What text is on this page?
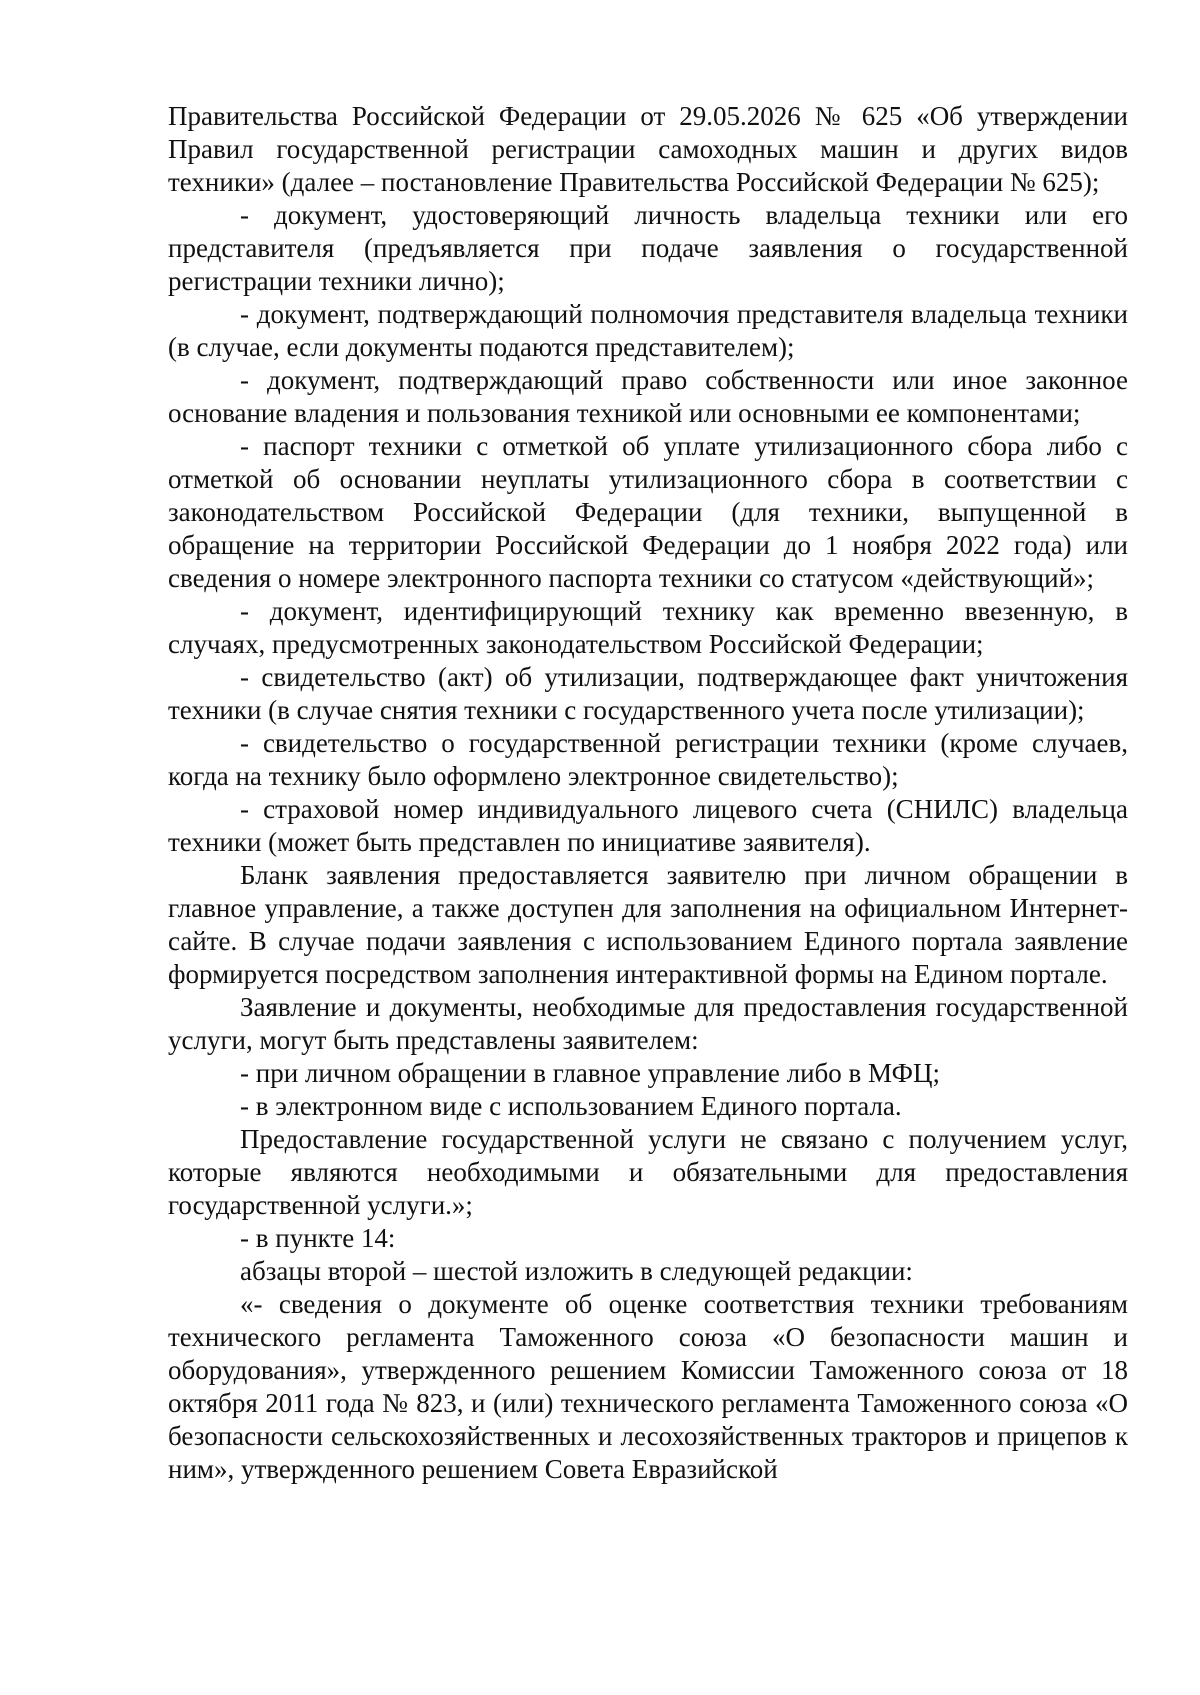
Правительства Российской Федерации от 29.05.2026 № 625 «Об утверждении Правил государственной регистрации самоходных машин и других видов техники» (далее – постановление Правительства Российской Федерации № 625);

- документ, удостоверяющий личность владельца техники или его представителя (предъявляется при подаче заявления о государственной регистрации техники лично);

- документ, подтверждающий полномочия представителя владельца техники (в случае, если документы подаются представителем);

- документ, подтверждающий право собственности или иное законное основание владения и пользования техникой или основными ее компонентами;

- паспорт техники с отметкой об уплате утилизационного сбора либо с отметкой об основании неуплаты утилизационного сбора в соответствии с законодательством Российской Федерации (для техники, выпущенной в обращение на территории Российской Федерации до 1 ноября 2022 года) или сведения о номере электронного паспорта техники со статусом «действующий»;

- документ, идентифицирующий технику как временно ввезенную, в случаях, предусмотренных законодательством Российской Федерации;

- свидетельство (акт) об утилизации, подтверждающее факт уничтожения техники (в случае снятия техники с государственного учета после утилизации);

- свидетельство о государственной регистрации техники (кроме случаев, когда на технику было оформлено электронное свидетельство);

- страховой номер индивидуального лицевого счета (СНИЛС) владельца техники (может быть представлен по инициативе заявителя).

Бланк заявления предоставляется заявителю при личном обращении в главное управление, а также доступен для заполнения на официальном Интернет-сайте. В случае подачи заявления с использованием Единого портала заявление формируется посредством заполнения интерактивной формы на Едином портале.

Заявление и документы, необходимые для предоставления государственной услуги, могут быть представлены заявителем:

- при личном обращении в главное управление либо в МФЦ;

- в электронном виде с использованием Единого портала.

Предоставление государственной услуги не связано с получением услуг, которые являются необходимыми и обязательными для предоставления государственной услуги.»;

- в пункте 14:

абзацы второй – шестой изложить в следующей редакции:

«- сведения о документе об оценке соответствия техники требованиям технического регламента Таможенного союза «О безопасности машин и оборудования», утвержденного решением Комиссии Таможенного союза от 18 октября 2011 года № 823, и (или) технического регламента Таможенного союза «О безопасности сельскохозяйственных и лесохозяйственных тракторов и прицепов к ним», утвержденного решением Совета Евразийской
